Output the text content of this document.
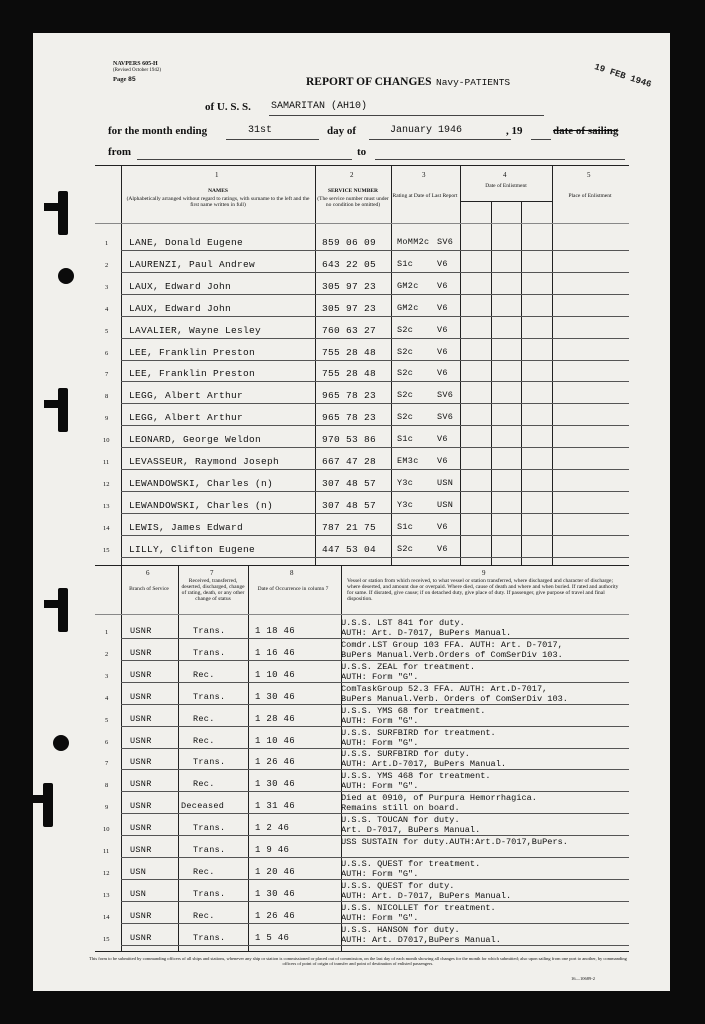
NAVPERS 605-H
(Revised October 1942)
Page 85	REPORT OF CHANGES Navy-PATIENTS	19 FEB 1946
of U. S. S. SAMARITAN (AH10)
for the month ending	31st	day of	January 1946	, 19	date of sailing
from	to
1
NAMES
(Alphabetically arranged without regard to ratings, with surname to the left and the first name written in full)
2
SERVICE NUMBER
(The service number must under no condition be omitted)
3
Rating at Date of Last Report
4
Date of Enlistment
5
Place of Enlistment
1 LANE, Donald Eugene	859 06 09 MoMM2c SV6
2 LAURENZI, Paul Andrew	643 22 05 S1c	V6
3 LAUX, Edward John	305 97 23 GM2c V6
4 LAUX, Edward John	305 97 23 GM2c V6
5 LAVALIER, Wayne Lesley	760 63 27 S2c	V6
6 LEE, Franklin Preston	755 28 48 S2c	V6
7 LEE, Franklin Preston	755 28 48 S2c	V6
8 LEGG, Albert Arthur	965 78 23 S2c	SV6
9 LEGG, Albert Arthur	965 78 23 S2c	SV6
10 LEONARD, George Weldon	970 53 86 S1c	V6
11 LEVASSEUR, Raymond Joseph	667 47 28 EM3c V6
12 LEWANDOWSKI, Charles (n)	307 48 57 Y3c	USN
13 LEWANDOWSKI, Charles (n)	307 48 57 Y3c	USN
14 LEWIS, James Edward	787 21 75 S1c	V6
15 LILLY, Clifton Eugene	447 53 04 S2c	V6
6
Branch of Service
7
Received, transferred, deserted, discharged, change of rating, death, or any other change of status
8
Date of Occurrence in column 7
9
Vessel or station from which received, to what vessel or station transferred, where discharged and character of discharge; where deserted, and amount due or overpaid. Where died, cause of death and where and when buried. If rated and authority for same. If disrated, give cause; if on detached duty, give place of duty. If passenger, give purpose of travel and final disposition.
1	USNR	Trans.	1 18 46
U.S.S. LST 841 for duty.
AUTH: Art. D-7017, BuPers Manual.
2	USNR	Trans.	1 16 46
Comdr.LST Group 103 FFA. AUTH: Art. D-7017,
BuPers Manual.Verb.Orders of ComSerDiv 103.
3	USNR	Rec.	1 10 46
U.S.S. ZEAL for treatment.
AUTH: Form "G".
4	USNR	Trans.	1 30 46
ComTaskGroup 52.3 FFA. AUTH: Art.D-7017,
BuPers Manual.Verb. Orders of ComSerDiv 103.
5	USNR	Rec.	1 28 46
U.S.S. YMS 68 for treatment.
AUTH: Form "G".
6	USNR	Rec.	1 10 46
U.S.S. SURFBIRD for treatment.
AUTH: Form "G".
7	USNR	Trans.	1 26 46
U.S.S. SURFBIRD for duty.
AUTH: Art.D-7017, BuPers Manual.
8	USNR	Rec.	1 30 46
U.S.S. YMS 468 for treatment.
AUTH: Form "G".
9	USNR	Deceased	1 31 46
Died at 0910, of Purpura Hemorrhagica.
Remains still on board.
10 USNR	Trans.	1 2 46
U.S.S. TOUCAN for duty.
Art. D-7017, BuPers Manual.
11 USNR	Trans.	1 9 46
USS SUSTAIN for duty.AUTH:Art.D-7017,BuPers.
12 USN	Rec.	1 20 46
U.S.S. QUEST for treatment.
AUTH: Form "G".
13 USN	Trans.	1 30 46
U.S.S. QUEST for duty.
AUTH: Art. D-7017, BuPers Manual.
14 USNR	Rec.	1 26 46
U.S.S. NICOLLET for treatment.
AUTH: Form "G".
15 USNR	Trans.	1 5 46
U.S.S. HANSON for duty.
AUTH: Art. D7017,BuPers Manual.
This form to be submitted by commanding officers of all ships and stations, whenever any ship or station is commissioned or placed out of commission, on the last day of each month showing all changes for the month for which submitted; also upon sailing from one port to another, by commanding officers of point of origin of transfer and point of destination of enlisted passengers.
16—10689-2
